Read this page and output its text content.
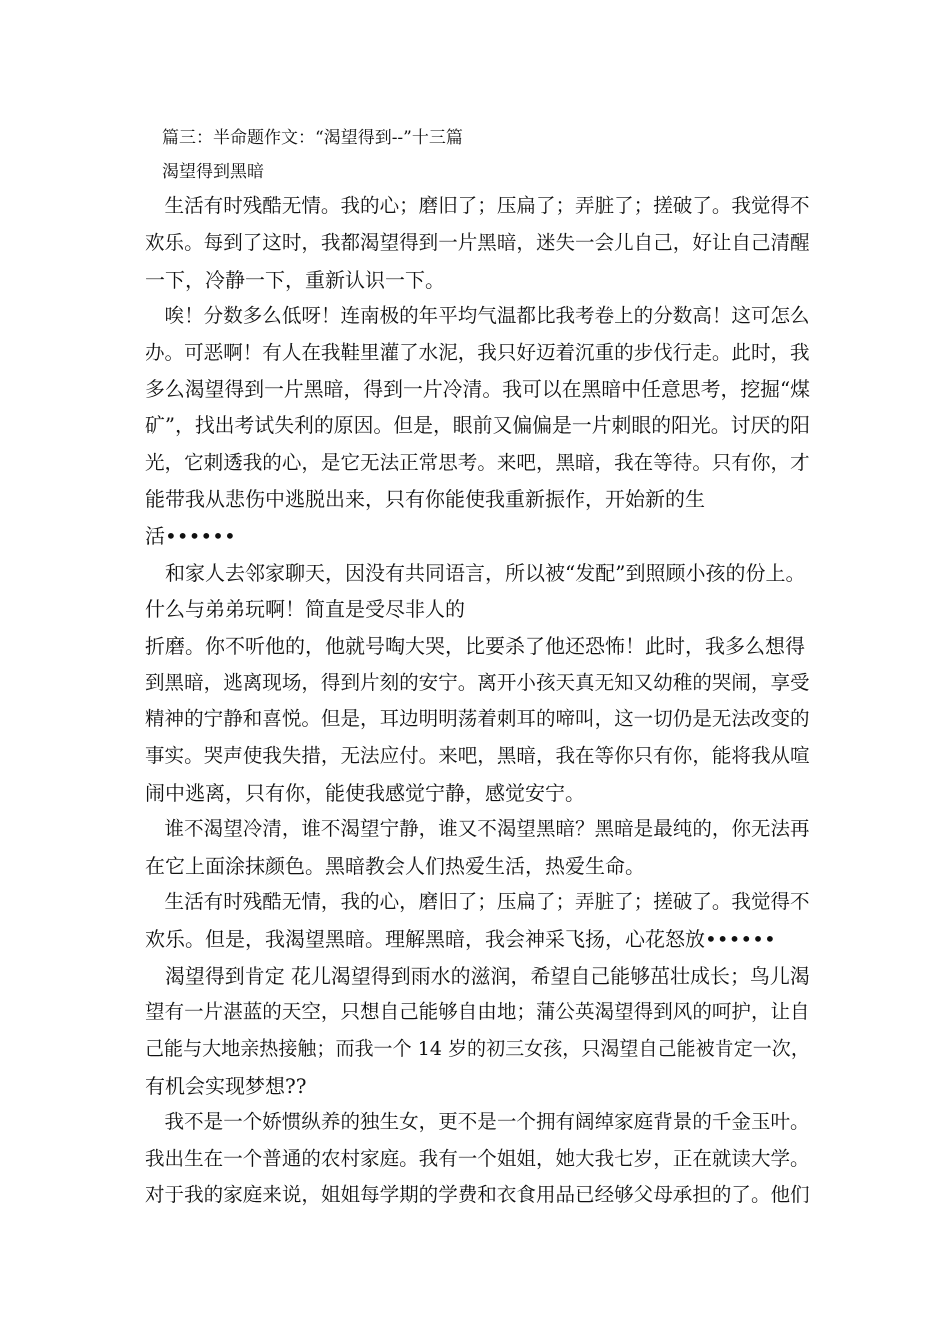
　篇三：半命题作文：“渴望得到--”十三篇
　渴望得到黑暗
　生活有时残酷无情。我的心；磨旧了；压扁了；弄脏了；搓破了。我觉得不
欢乐。每到了这时，我都渴望得到一片黑暗，迷失一会儿自己，好让自己清醒
一下，冷静一下，重新认识一下。
　唉！分数多么低呀！连南极的年平均气温都比我考卷上的分数高！这可怎么
办。可恶啊！有人在我鞋里灌了水泥，我只好迈着沉重的步伐行走。此时，我
多么渴望得到一片黑暗，得到一片冷清。我可以在黑暗中任意思考，挖掘“煤
矿”，找出考试失利的原因。但是，眼前又偏偏是一片刺眼的阳光。讨厌的阳
光，它刺透我的心，是它无法正常思考。来吧，黑暗，我在等待。只有你，才
能带我从悲伤中逃脱出来，只有你能使我重新振作，开始新的生
活••••••
　和家人去邻家聊天，因没有共同语言，所以被“发配”到照顾小孩的份上。
什么与弟弟玩啊！简直是受尽非人的
折磨。你不听他的，他就号啕大哭，比要杀了他还恐怖！此时，我多么想得
到黑暗，逃离现场，得到片刻的安宁。离开小孩天真无知又幼稚的哭闹，享受
精神的宁静和喜悦。但是，耳边明明荡着刺耳的啼叫，这一切仍是无法改变的
事实。哭声使我失措，无法应付。来吧，黑暗，我在等你只有你，能将我从喧
闹中逃离，只有你，能使我感觉宁静，感觉安宁。
　谁不渴望冷清，谁不渴望宁静，谁又不渴望黑暗？黑暗是最纯的，你无法再
在它上面涂抹颜色。黑暗教会人们热爱生活，热爱生命。
　生活有时残酷无情，我的心，磨旧了；压扁了；弄脏了；搓破了。我觉得不
欢乐。但是，我渴望黑暗。理解黑暗，我会神采飞扬，心花怒放••••••
　渴望得到肯定 花儿渴望得到雨水的滋润，希望自己能够茁壮成长；鸟儿渴
望有一片湛蓝的天空，只想自己能够自由地；蒲公英渴望得到风的呵护，让自
己能与大地亲热接触；而我一个 14 岁的初三女孩，只渴望自己能被肯定一次，
有机会实现梦想??
　我不是一个娇惯纵养的独生女，更不是一个拥有阔绰家庭背景的千金玉叶。
我出生在一个普通的农村家庭。我有一个姐姐，她大我七岁，正在就读大学。
对于我的家庭来说，姐姐每学期的学费和衣食用品已经够父母承担的了。他们
